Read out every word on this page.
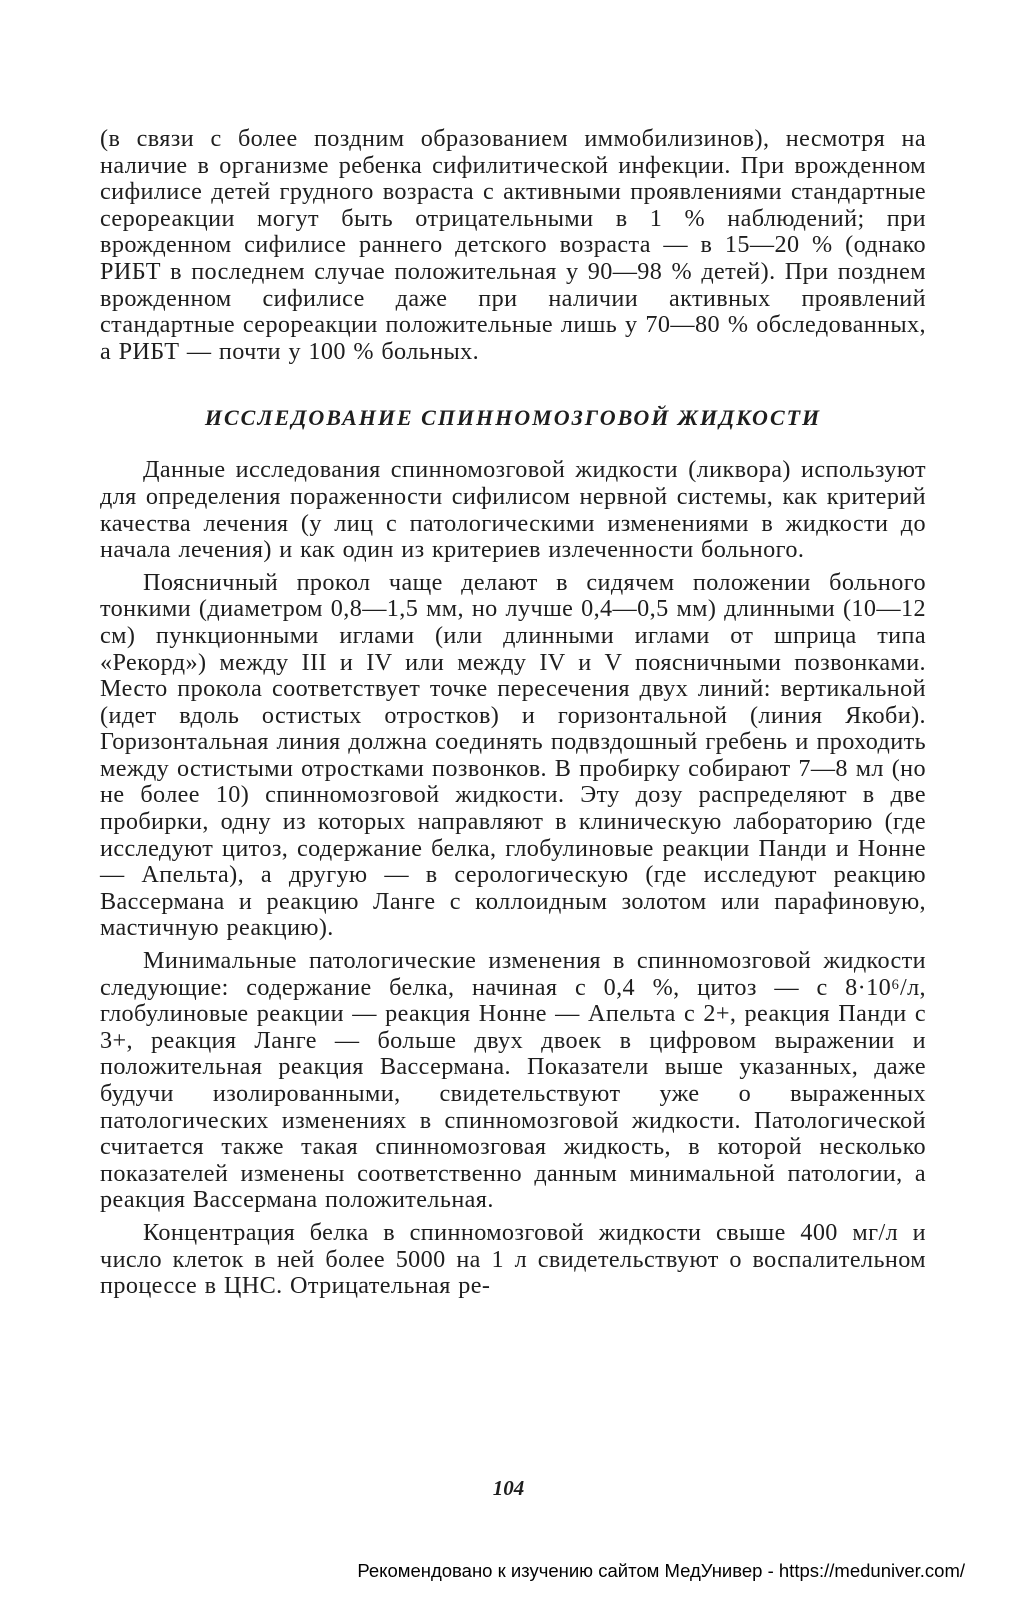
(в связи с более поздним образованием иммобилизинов), несмотря на наличие в организме ребенка сифилитической инфекции. При врожденном сифилисе детей грудного возраста с активными проявлениями стандартные серореакции могут быть отрицательными в 1 % наблюдений; при врожденном сифилисе раннего детского возраста — в 15—20 % (однако РИБТ в последнем случае положительная у 90—98 % детей). При позднем врожденном сифилисе даже при наличии активных проявлений стандартные серореакции положительные лишь у 70—80 % обследованных, а РИБТ — почти у 100 % больных.

ИССЛЕДОВАНИЕ СПИННОМОЗГОВОЙ ЖИДКОСТИ

Данные исследования спинномозговой жидкости (ликвора) используют для определения пораженности сифилисом нервной системы, как критерий качества лечения (у лиц с патологическими изменениями в жидкости до начала лечения) и как один из критериев излеченности больного.

Поясничный прокол чаще делают в сидячем положении больного тонкими (диаметром 0,8—1,5 мм, но лучше 0,4—0,5 мм) длинными (10—12 см) пункционными иглами (или длинными иглами от шприца типа «Рекорд») между III и IV или между IV и V поясничными позвонками. Место прокола соответствует точке пересечения двух линий: вертикальной (идет вдоль остистых отростков) и горизонтальной (линия Якоби). Горизонтальная линия должна соединять подвздошный гребень и проходить между остистыми отростками позвонков. В пробирку собирают 7—8 мл (но не более 10) спинномозговой жидкости. Эту дозу распределяют в две пробирки, одну из которых направляют в клиническую лабораторию (где исследуют цитоз, содержание белка, глобулиновые реакции Панди и Нонне — Апельта), а другую — в серологическую (где исследуют реакцию Вассермана и реакцию Ланге с коллоидным золотом или парафиновую, мастичную реакцию).

Минимальные патологические изменения в спинномозговой жидкости следующие: содержание белка, начиная с 0,4 %, цитоз — с 8·10⁶/л, глобулиновые реакции — реакция Нонне — Апельта с 2+, реакция Панди с 3+, реакция Ланге — больше двух двоек в цифровом выражении и положительная реакция Вассермана. Показатели выше указанных, даже будучи изолированными, свидетельствуют уже о выраженных патологических изменениях в спинномозговой жидкости. Патологической считается также такая спинномозговая жидкость, в которой несколько показателей изменены соответственно данным минимальной патологии, а реакция Вассермана положительная.

Концентрация белка в спинномозговой жидкости свыше 400 мг/л и число клеток в ней более 5000 на 1 л свидетельствуют о воспалительном процессе в ЦНС. Отрицательная ре-

104
Рекомендовано к изучению сайтом МедУнивер - https://meduniver.com/
